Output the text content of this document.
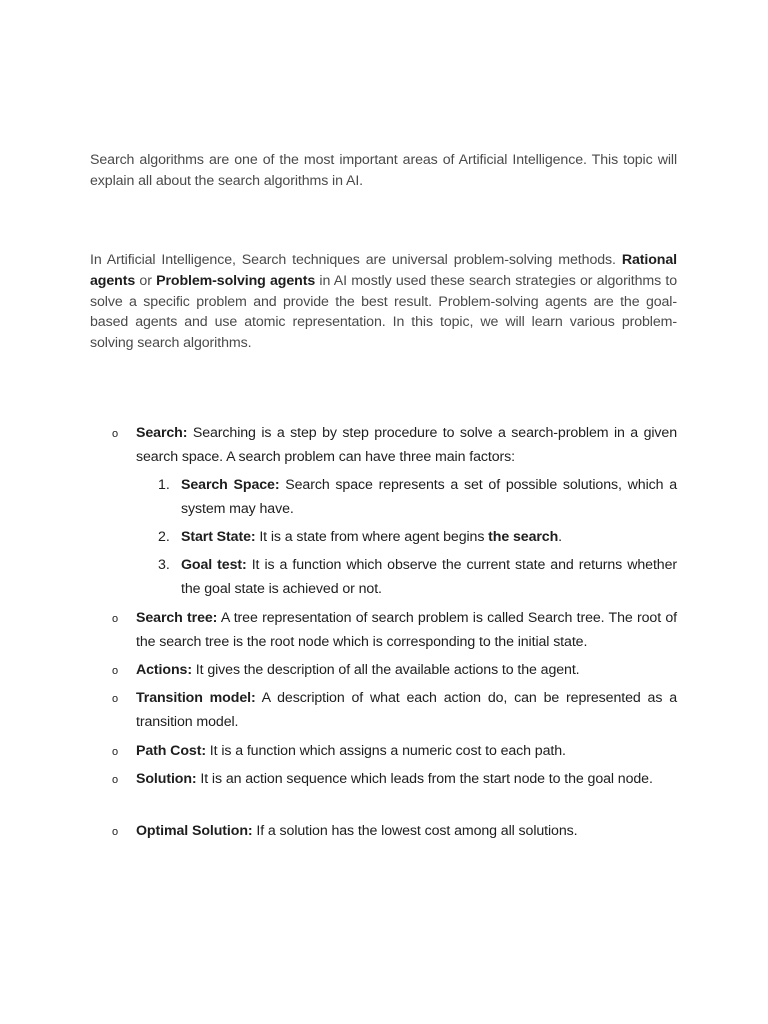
Search algorithms are one of the most important areas of Artificial Intelligence. This topic will explain all about the search algorithms in AI.

In Artificial Intelligence, Search techniques are universal problem-solving methods. Rational agents or Problem-solving agents in AI mostly used these search strategies or algorithms to solve a specific problem and provide the best result. Problem-solving agents are the goal-based agents and use atomic representation. In this topic, we will learn various problem-solving search algorithms.

o Search: Searching is a step by step procedure to solve a search-problem in a given search space. A search problem can have three main factors:
1. Search Space: Search space represents a set of possible solutions, which a system may have.
2. Start State: It is a state from where agent begins the search.
3. Goal test: It is a function which observe the current state and returns whether the goal state is achieved or not.
o Search tree: A tree representation of search problem is called Search tree. The root of the search tree is the root node which is corresponding to the initial state.
o Actions: It gives the description of all the available actions to the agent.
o Transition model: A description of what each action do, can be represented as a transition model.
o Path Cost: It is a function which assigns a numeric cost to each path.
o Solution: It is an action sequence which leads from the start node to the goal node.
o Optimal Solution: If a solution has the lowest cost among all solutions.
